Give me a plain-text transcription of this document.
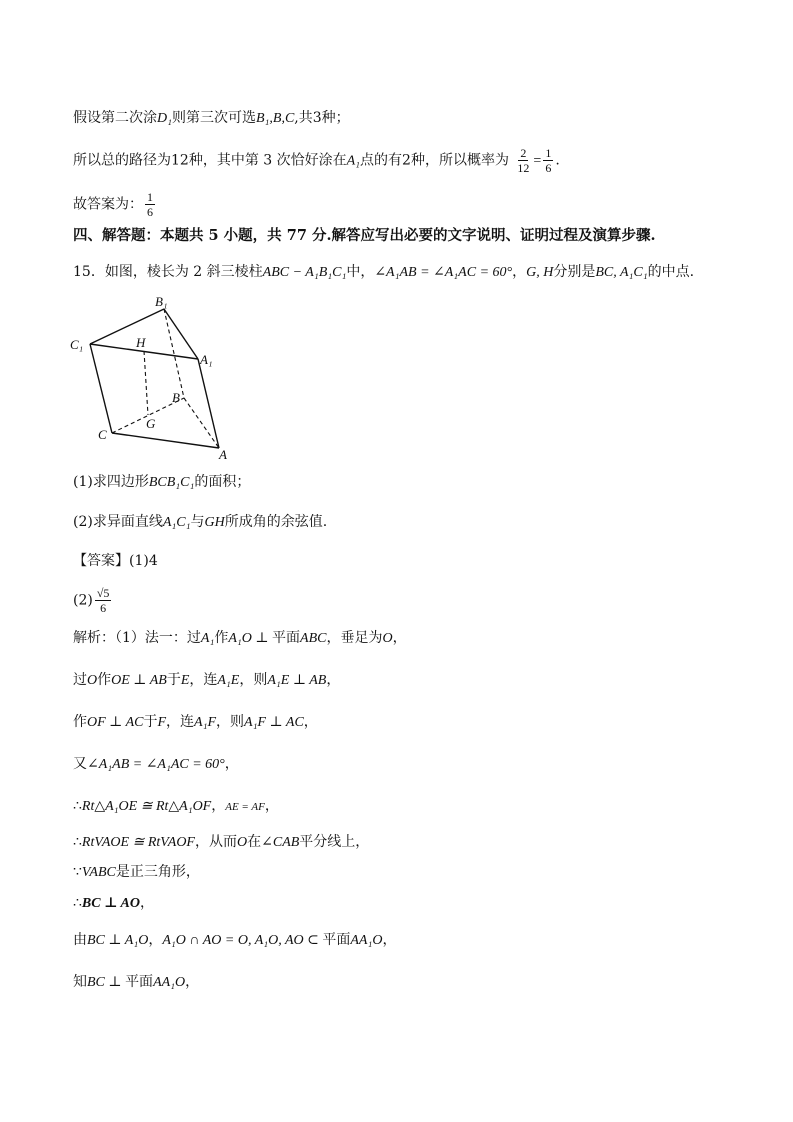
假设第二次涂D₁则第三次可选B₁,B,C,共3种；
所以总的路径为12种，其中第 3 次恰好涂在A₁点的有2种，所以概率为 $\frac{2}{12} = \frac{1}{6}$ .
故答案为： $\frac{1}{6}$
四、解答题：本题共 5 小题，共 77 分.解答应写出必要的文字说明、证明过程及演算步骤.
15．如图，棱长为 2 斜三棱柱ABC − A₁B₁C₁中，∠A₁AB = ∠A₁AC = 60°，G, H分别是BC, A₁C₁的中点.
B₁
C₁	H
A₁
B
G
C
A
(1)求四边形BCB₁C₁的面积；
(2)求异面直线A₁C₁与GH所成角的余弦值.
【答案】(1)4
$(2) \frac{√5}{6}$
解析：（1）法一：过A₁作A₁O ⊥ 平面ABC，垂足为O，
过O作OE ⊥ AB于E，连A₁E，则A₁E ⊥ AB，
作OF ⊥ AC于F，连A₁F，则A₁F ⊥ AC，
又∠A₁AB = ∠A₁AC = 60°，
∴Rt△A₁OE ≅ Rt△A₁OF，AE = AF，
∴RtVAOE ≅ RtVAOF，从而O在∠CAB平分线上，
∵VABC是正三角形，
∴BC ⊥ AO，
由BC ⊥ A₁O，A₁O ∩ AO = O, A₁O, AO ⊂ 平面AA₁O，
知BC ⊥ 平面AA₁O，
